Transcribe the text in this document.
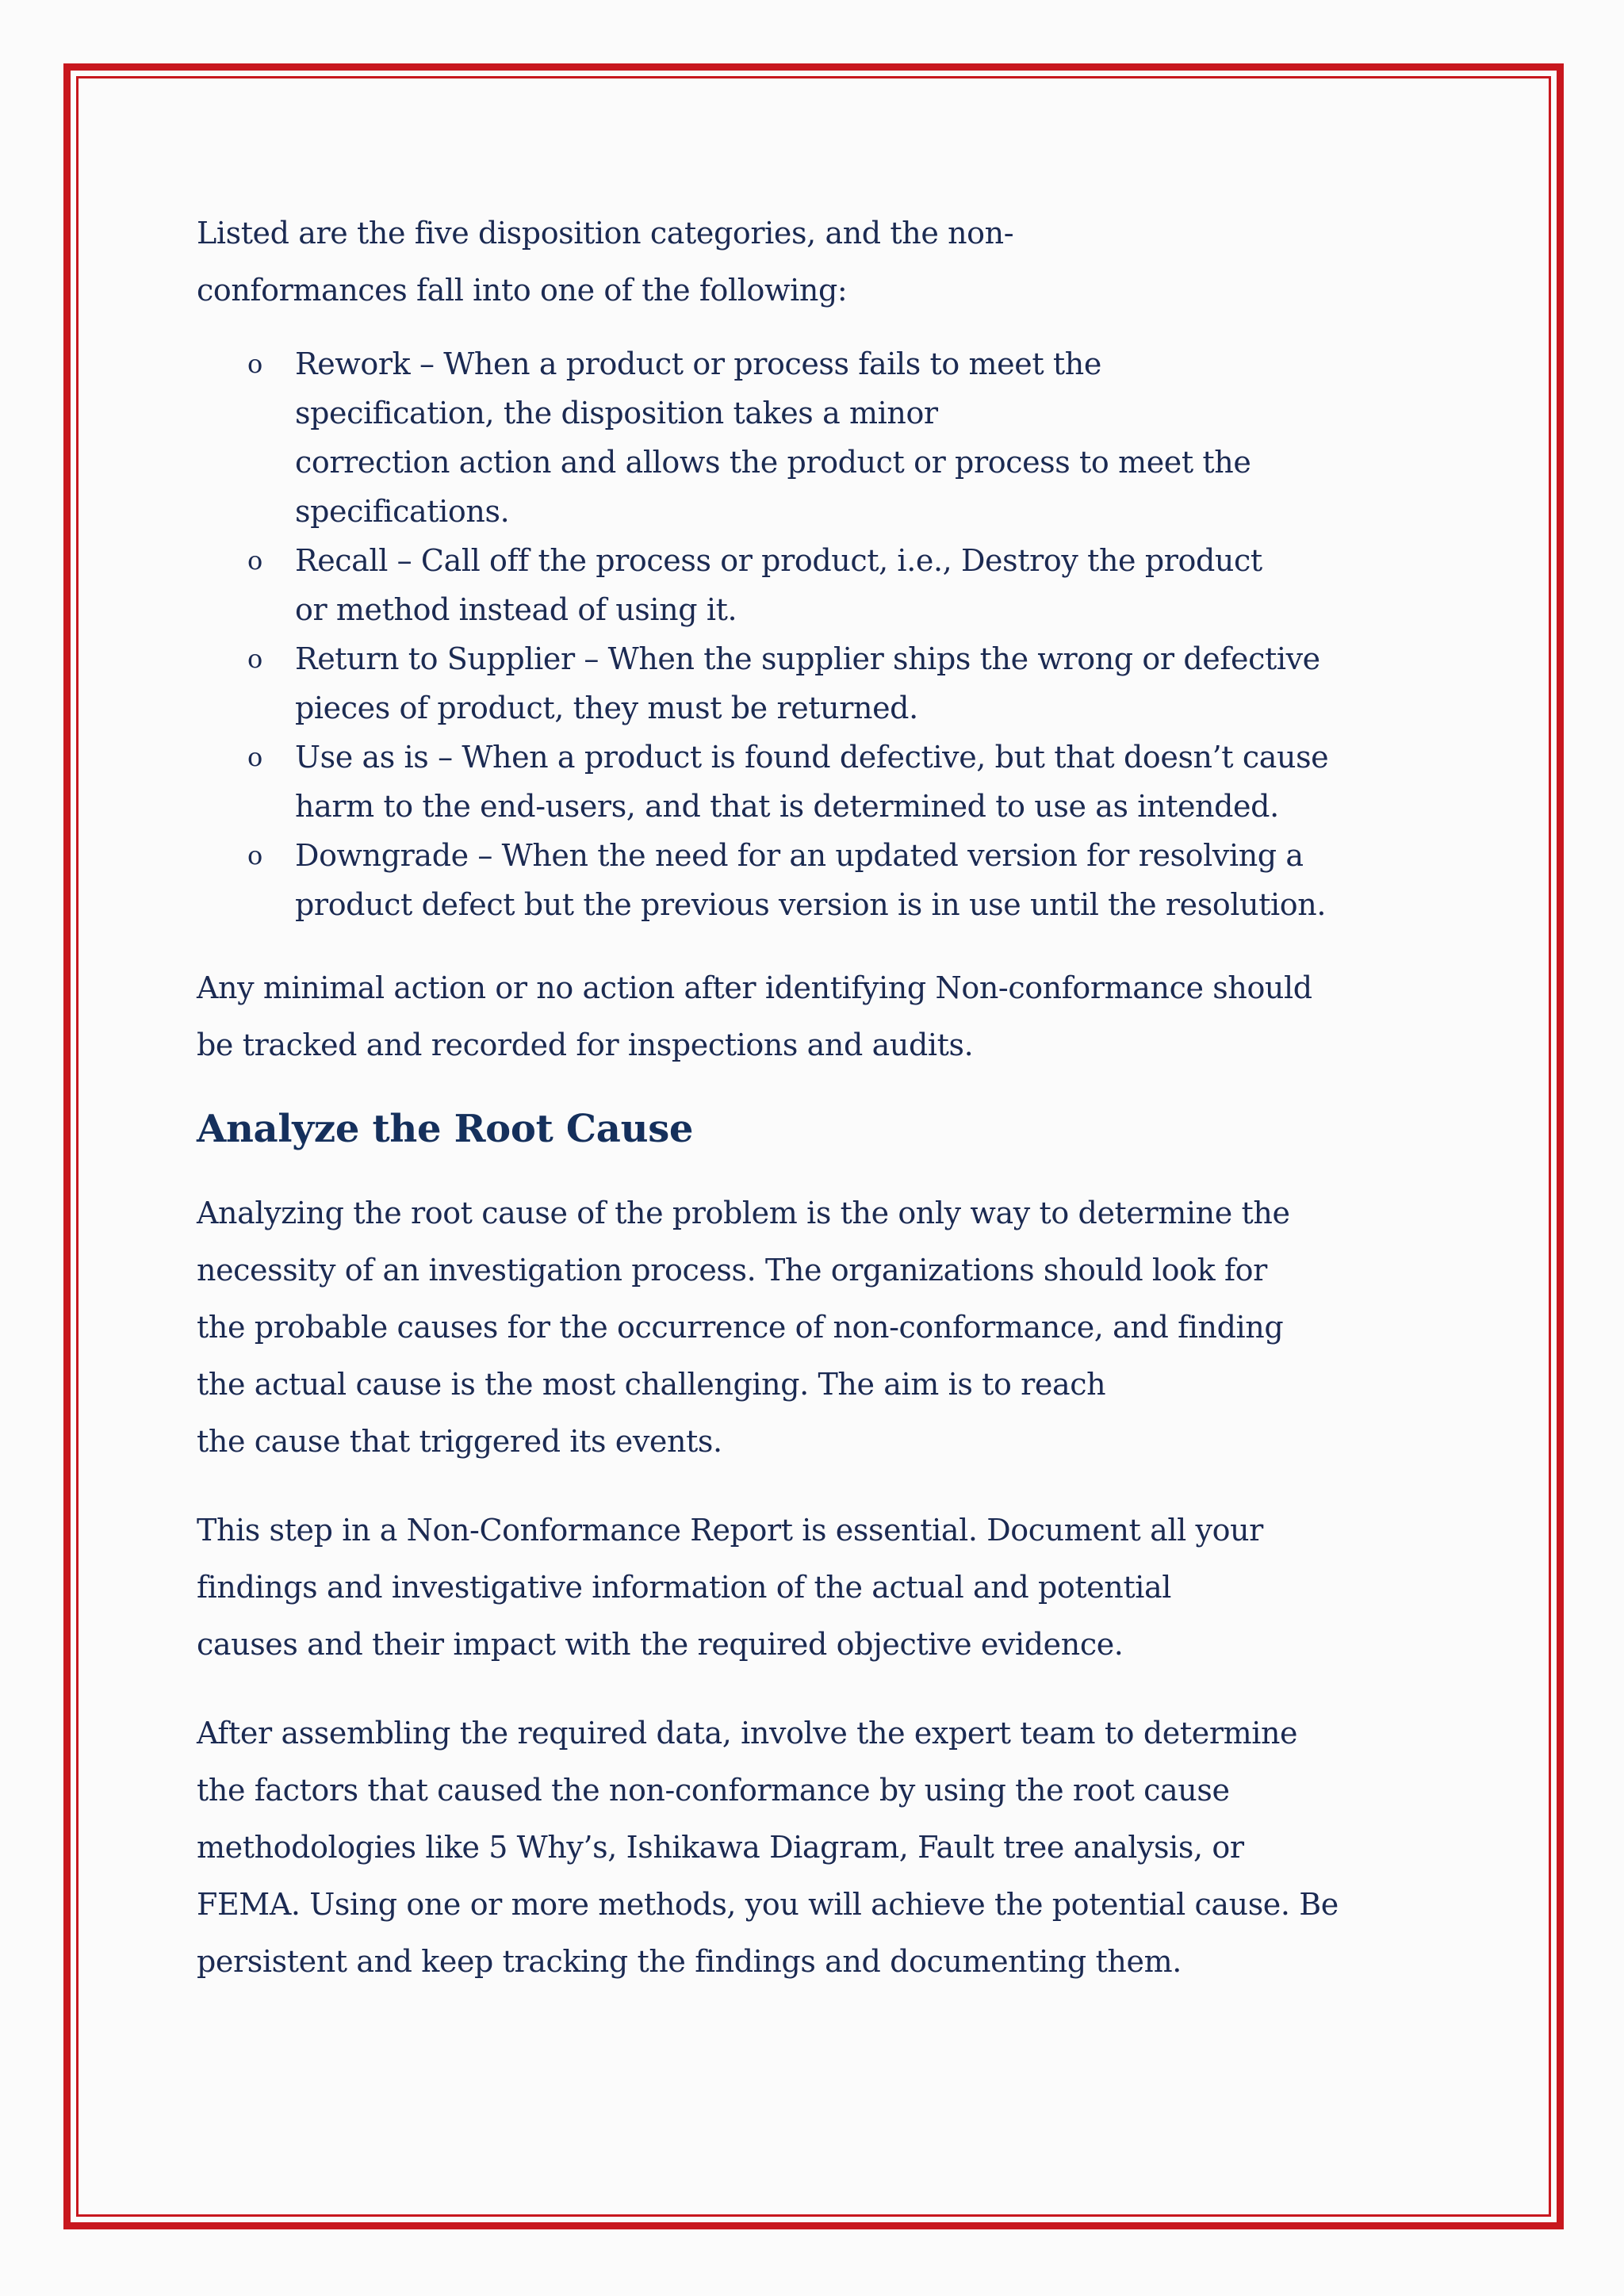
Listed are the five disposition categories, and the non-
conformances fall into one of the following:

o	Rework – When a product or process fails to meet the
specification, the disposition takes a minor
correction action and allows the product or process to meet the
specifications.
o	Recall – Call off the process or product, i.e., Destroy the product
or method instead of using it.
o	Return to Supplier – When the supplier ships the wrong or defective
pieces of product, they must be returned.
o	Use as is – When a product is found defective, but that doesn’t cause
harm to the end-users, and that is determined to use as intended.
o	Downgrade – When the need for an updated version for resolving a
product defect but the previous version is in use until the resolution.

Any minimal action or no action after identifying Non-conformance should
be tracked and recorded for inspections and audits.

Analyze the Root Cause

Analyzing the root cause of the problem is the only way to determine the
necessity of an investigation process. The organizations should look for
the probable causes for the occurrence of non-conformance, and finding
the actual cause is the most challenging. The aim is to reach
the cause that triggered its events.

This step in a Non-Conformance Report is essential. Document all your
findings and investigative information of the actual and potential
causes and their impact with the required objective evidence.

After assembling the required data, involve the expert team to determine
the factors that caused the non-conformance by using the root cause
methodologies like 5 Why’s, Ishikawa Diagram, Fault tree analysis, or
FEMA. Using one or more methods, you will achieve the potential cause. Be
persistent and keep tracking the findings and documenting them.
